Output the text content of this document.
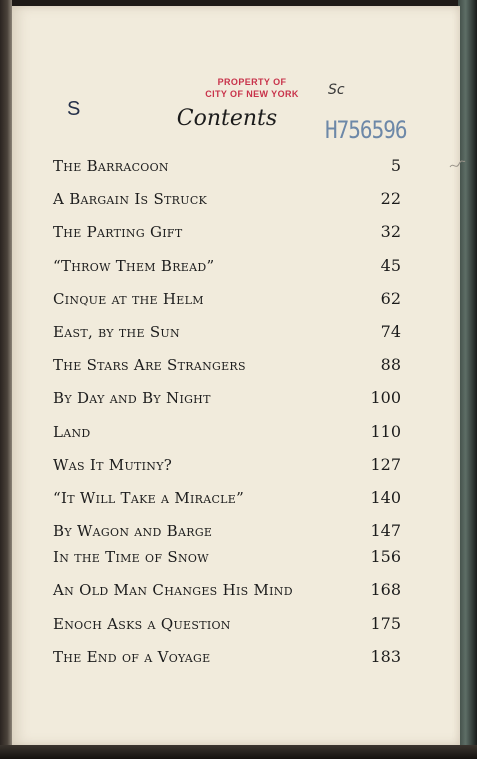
PROPERTY OF
CITY OF NEW YORK
S
Sc
H756596
Contents
The Barracoon	5
A Bargain Is Struck	22
The Parting Gift	32
“Throw Them Bread”	45
Cinque at the Helm	62
East, by the Sun	74
The Stars Are Strangers	88
By Day and By Night	100
Land	110
Was It Mutiny?	127
“It Will Take a Miracle”	140
By Wagon and Barge	147
In the Time of Snow	156
An Old Man Changes His Mind	168
Enoch Asks a Question	175
The End of a Voyage	183
